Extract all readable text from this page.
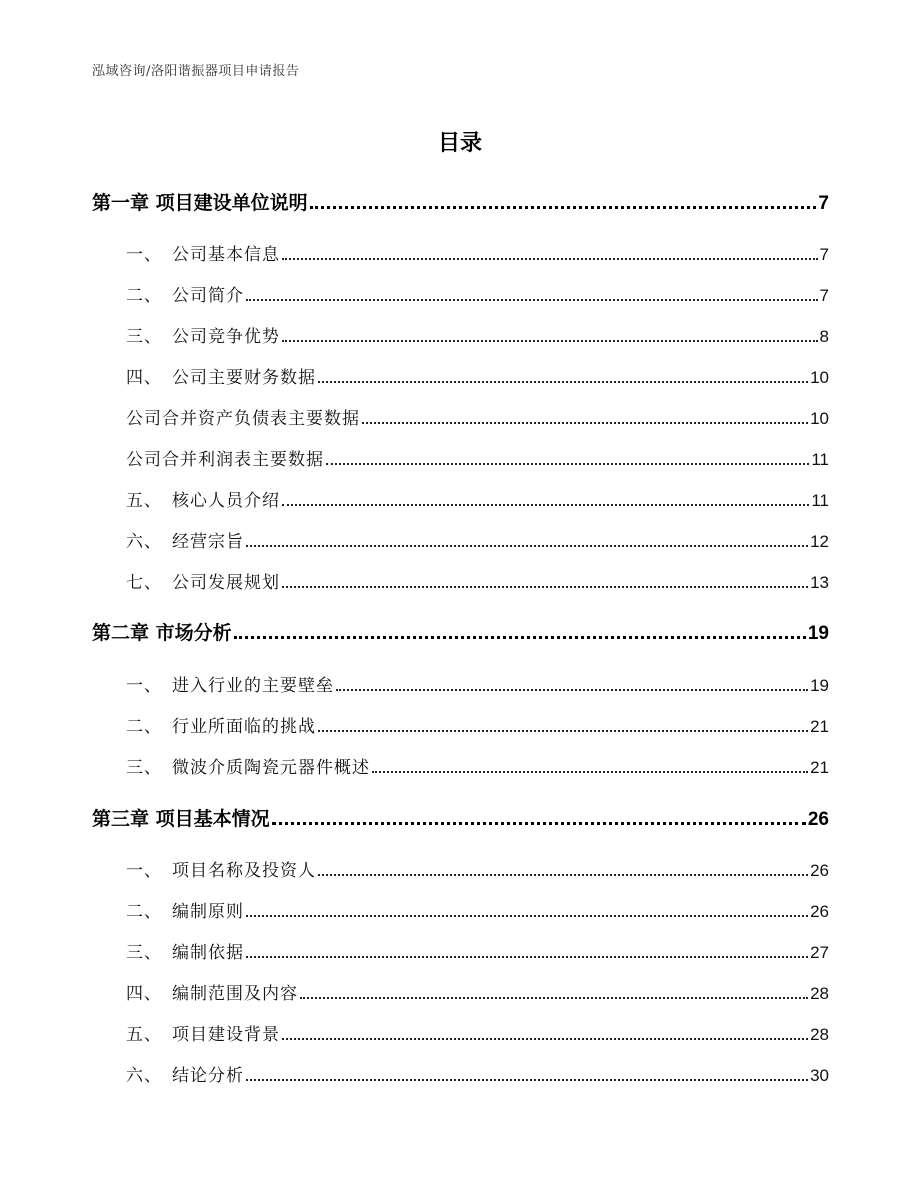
泓域咨询/洛阳谐振器项目申请报告
目录
第一章 项目建设单位说明	7
一、 公司基本信息	7
二、 公司简介	7
三、 公司竞争优势	8
四、 公司主要财务数据	10
公司合并资产负债表主要数据	10
公司合并利润表主要数据	11
五、 核心人员介绍	11
六、 经营宗旨	12
七、 公司发展规划	13
第二章 市场分析	19
一、 进入行业的主要壁垒	19
二、 行业所面临的挑战	21
三、 微波介质陶瓷元器件概述	21
第三章 项目基本情况	26
一、 项目名称及投资人	26
二、 编制原则	26
三、 编制依据	27
四、 编制范围及内容	28
五、 项目建设背景	28
六、 结论分析	30
